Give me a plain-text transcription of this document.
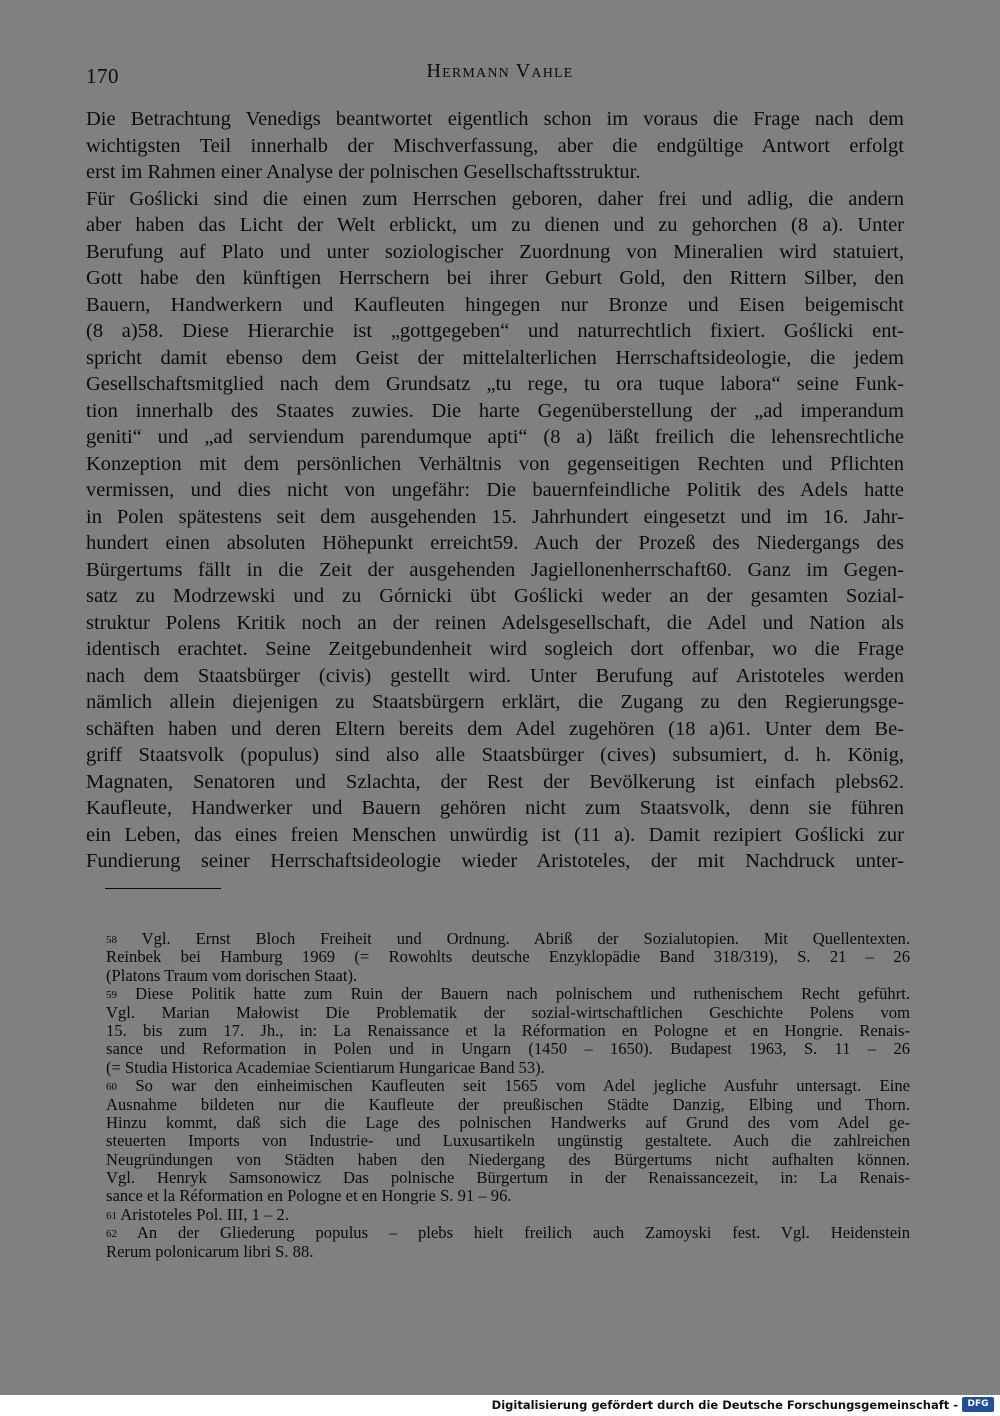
170	Hermann Vahle
Die Betrachtung Venedigs beantwortet eigentlich schon im voraus die Frage nach dem
wichtigsten Teil innerhalb der Mischverfassung, aber die endgültige Antwort erfolgt
erst im Rahmen einer Analyse der polnischen Gesellschaftsstruktur.
Für Goślicki sind die einen zum Herrschen geboren, daher frei und adlig, die andern
aber haben das Licht der Welt erblickt, um zu dienen und zu gehorchen (8 a). Unter
Berufung auf Plato und unter soziologischer Zuordnung von Mineralien wird statuiert,
Gott habe den künftigen Herrschern bei ihrer Geburt Gold, den Rittern Silber, den
Bauern, Handwerkern und Kaufleuten hingegen nur Bronze und Eisen beigemischt
(8 a)58. Diese Hierarchie ist „gottgegeben“ und naturrechtlich fixiert. Goślicki ent-
spricht damit ebenso dem Geist der mittelalterlichen Herrschaftsideologie, die jedem
Gesellschaftsmitglied nach dem Grundsatz „tu rege, tu ora tuque labora“ seine Funk-
tion innerhalb des Staates zuwies. Die harte Gegenüberstellung der „ad imperandum
geniti“ und „ad serviendum parendumque apti“ (8 a) läßt freilich die lehensrechtliche
Konzeption mit dem persönlichen Verhältnis von gegenseitigen Rechten und Pflichten
vermissen, und dies nicht von ungefähr: Die bauernfeindliche Politik des Adels hatte
in Polen spätestens seit dem ausgehenden 15. Jahrhundert eingesetzt und im 16. Jahr-
hundert einen absoluten Höhepunkt erreicht59. Auch der Prozeß des Niedergangs des
Bürgertums fällt in die Zeit der ausgehenden Jagiellonenherrschaft60. Ganz im Gegen-
satz zu Modrzewski und zu Górnicki übt Goślicki weder an der gesamten Sozial-
struktur Polens Kritik noch an der reinen Adelsgesellschaft, die Adel und Nation als
identisch erachtet. Seine Zeitgebundenheit wird sogleich dort offenbar, wo die Frage
nach dem Staatsbürger (civis) gestellt wird. Unter Berufung auf Aristoteles werden
nämlich allein diejenigen zu Staatsbürgern erklärt, die Zugang zu den Regierungsge-
schäften haben und deren Eltern bereits dem Adel zugehören (18 a)61. Unter dem Be-
griff Staatsvolk (populus) sind also alle Staatsbürger (cives) subsumiert, d. h. König,
Magnaten, Senatoren und Szlachta, der Rest der Bevölkerung ist einfach plebs62.
Kaufleute, Handwerker und Bauern gehören nicht zum Staatsvolk, denn sie führen
ein Leben, das eines freien Menschen unwürdig ist (11 a). Damit rezipiert Goślicki zur
Fundierung seiner Herrschaftsideologie wieder Aristoteles, der mit Nachdruck unter-
$^{58}$ Vgl. Ernst Bloch Freiheit und Ordnung. Abriß der Sozialutopien. Mit Quellentexten.
Reinbek bei Hamburg 1969 (= Rowohlts deutsche Enzyklopädie Band 318/319), S. 21 – 26
(Platons Traum vom dorischen Staat).
$^{59}$ Diese Politik hatte zum Ruin der Bauern nach polnischem und ruthenischem Recht geführt.
Vgl. Marian Małowist Die Problematik der sozial-wirtschaftlichen Geschichte Polens vom
15. bis zum 17. Jh., in: La Renaissance et la Réformation en Pologne et en Hongrie. Renais-
sance und Reformation in Polen und in Ungarn (1450 – 1650). Budapest 1963, S. 11 – 26
(= Studia Historica Academiae Scientiarum Hungaricae Band 53).
$^{60}$ So war den einheimischen Kaufleuten seit 1565 vom Adel jegliche Ausfuhr untersagt. Eine
Ausnahme bildeten nur die Kaufleute der preußischen Städte Danzig, Elbing und Thorn.
Hinzu kommt, daß sich die Lage des polnischen Handwerks auf Grund des vom Adel ge-
steuerten Imports von Industrie- und Luxusartikeln ungünstig gestaltete. Auch die zahlreichen
Neugründungen von Städten haben den Niedergang des Bürgertums nicht aufhalten können.
Vgl. Henryk Samsonowicz Das polnische Bürgertum in der Renaissancezeit, in: La Renais-
sance et la Réformation en Pologne et en Hongrie S. 91 – 96.
$^{61}$ Aristoteles Pol. III, 1 – 2.
$^{62}$ An der Gliederung populus – plebs hielt freilich auch Zamoyski fest. Vgl. Heidenstein
Rerum polonicarum libri S. 88.
Digitalisierung gefördert durch die Deutsche Forschungsgemeinschaft -	DFG
